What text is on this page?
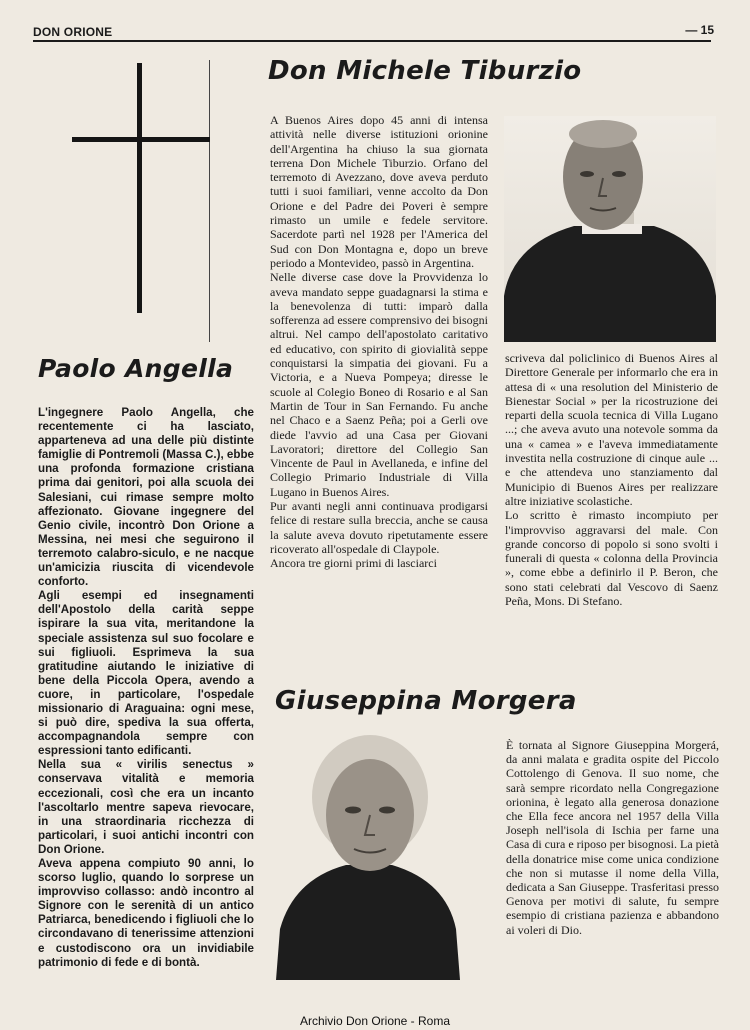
DON ORIONE	— 15
Don Michele Tiburzio
A Buenos Aires dopo 45 anni di intensa attività nelle diverse istituzioni orionine dell'Argentina ha chiuso la sua giornata terrena Don Michele Tiburzio. Orfano del terremoto di Avezzano, dove aveva perduto tutti i suoi familiari, venne accolto da Don Orione e del Padre dei Poveri è sempre rimasto un umile e fedele servitore. Sacerdote partì nel 1928 per l'America del Sud con Don Montagna e, dopo un breve periodo a Montevideo, passò in Argentina.
Nelle diverse case dove la Provvidenza lo aveva mandato seppe guadagnarsi la stima e la benevolenza di tutti: imparò dalla sofferenza ad essere comprensivo dei bisogni altrui. Nel campo dell'apostolato caritativo ed educativo, con spirito di giovialità seppe conquistarsi la simpatia dei giovani. Fu a Victoria, e a Nueva Pompeya; diresse le scuole al Colegio Boneo di Rosario e al San Martin de Tour in San Fernando. Fu anche nel Chaco e a Saenz Peña; poi a Gerli ove diede l'avvio ad una Casa per Giovani Lavoratori; direttore del Collegio San Vincente de Paul in Avellaneda, e infine del Collegio Primario Industriale di Villa Lugano in Buenos Aires.
Pur avanti negli anni continuava prodigarsi felice di restare sulla breccia, anche se causa la salute aveva dovuto ripetutamente essere ricoverato all'ospedale di Claypole.
Ancora tre giorni primi di lasciarci
scriveva dal policlinico di Buenos Aires al Direttore Generale per informarlo che era in attesa di « una resolution del Ministerio de Bienestar Social » per la ricostruzione dei reparti della scuola tecnica di Villa Lugano ...; che aveva avuto una notevole somma da una « camea » e l'aveva immediatamente investita nella costruzione di cinque aule ... e che attendeva uno stanziamento dal Municipio di Buenos Aires per realizzare altre iniziative scolastiche.
Lo scritto è rimasto incompiuto per l'improvviso aggravarsi del male. Con grande concorso di popolo si sono svolti i funerali di questa « colonna della Provincia », come ebbe a definirlo il P. Beron, che sono stati celebrati dal Vescovo di Saenz Peña, Mons. Di Stefano.
Paolo Angella
L'ingegnere Paolo Angella, che recentemente ci ha lasciato, apparteneva ad una delle più distinte famiglie di Pontremoli (Massa C.), ebbe una profonda formazione cristiana prima dai genitori, poi alla scuola dei Salesiani, cui rimase sempre molto affezionato. Giovane ingegnere del Genio civile, incontrò Don Orione a Messina, nei mesi che seguirono il terremoto calabro-siculo, e ne nacque un'amicizia riuscita di vicendevole conforto.
Agli esempi ed insegnamenti dell'Apostolo della carità seppe ispirare la sua vita, meritandone la speciale assistenza sul suo focolare e sui figliuoli. Esprimeva la sua gratitudine aiutando le iniziative di bene della Piccola Opera, avendo a cuore, in particolare, l'ospedale missionario di Araguaina: ogni mese, si può dire, spediva la sua offerta, accompagnandola sempre con espressioni tanto edificanti.
Nella sua « virilis senectus » conservava vitalità e memoria eccezionali, così che era un incanto l'ascoltarlo mentre sapeva rievocare, in una straordinaria ricchezza di particolari, i suoi antichi incontri con Don Orione.
Aveva appena compiuto 90 anni, lo scorso luglio, quando lo sorprese un improvviso collasso: andò incontro al Signore con le serenità di un antico Patriarca, benedicendo i figliuoli che lo circondavano di tenerissime attenzioni e custodiscono ora un invidiabile patrimonio di fede e di bontà.
Giuseppina Morgera
È tornata al Signore Giuseppina Morgerá, da anni malata e gradita ospite del Piccolo Cottolengo di Genova. Il suo nome, che sarà sempre ricordato nella Congregazione orionina, è legato alla generosa donazione che Ella fece ancora nel 1957 della Villa Joseph nell'isola di Ischia per farne una Casa di cura e riposo per bisognosi. La pietà della donatrice mise come unica condizione che non si mutasse il nome della Villa, dedicata a San Giuseppe. Trasferitasi presso Genova per motivi di salute, fu sempre esempio di cristiana pazienza e abbandono ai voleri di Dio.
Archivio Don Orione - Roma
